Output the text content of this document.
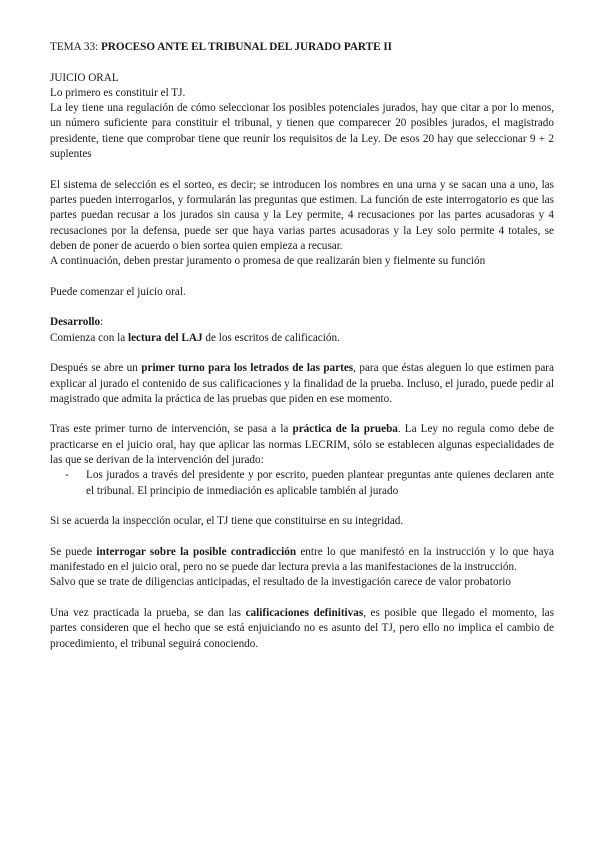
TEMA 33: PROCESO ANTE EL TRIBUNAL DEL JURADO PARTE II

JUICIO ORAL

Lo primero es constituir el TJ.

La ley tiene una regulación de cómo seleccionar los posibles potenciales jurados, hay que citar a por lo menos, un número suficiente para constituir el tribunal, y tienen que comparecer 20 posibles jurados, el magistrado presidente, tiene que comprobar tiene que reunir los requisitos de la Ley. De esos 20 hay que seleccionar 9 + 2 suplentes

El sistema de selección es el sorteo, es decir; se introducen los nombres en una urna y se sacan una a uno, las partes pueden interrogarlos, y formularán las preguntas que estimen. La función de este interrogatorio es que las partes puedan recusar a los jurados sin causa y la Ley permite, 4 recusaciones por las partes acusadoras y 4 recusaciones por la defensa, puede ser que haya varias partes acusadoras y la Ley solo permite 4 totales, se deben de poner de acuerdo o bien sortea quien empieza a recusar.

A continuación, deben prestar juramento o promesa de que realizarán bien y fielmente su función

Puede comenzar el juicio oral.

Desarrollo:

Comienza con la lectura del LAJ de los escritos de calificación.

Después se abre un primer turno para los letrados de las partes, para que éstas aleguen lo que estimen para explicar al jurado el contenido de sus calificaciones y la finalidad de la prueba. Incluso, el jurado, puede pedir al magistrado que admita la práctica de las pruebas que piden en ese momento.

Tras este primer turno de intervención, se pasa a la práctica de la prueba. La Ley no regula como debe de practicarse en el juicio oral, hay que aplicar las normas LECRIM, sólo se establecen algunas especialidades de las que se derivan de la intervención del jurado:

- Los jurados a través del presidente y por escrito, pueden plantear preguntas ante quienes declaren ante el tribunal. El principio de inmediación es aplicable también al jurado

Si se acuerda la inspección ocular, el TJ tiene que constituirse en su integridad.

Se puede interrogar sobre la posible contradicción entre lo que manifestó en la instrucción y lo que haya manifestado en el juicio oral, pero no se puede dar lectura previa a las manifestaciones de la instrucción.

Salvo que se trate de diligencias anticipadas, el resultado de la investigación carece de valor probatorio

Una vez practicada la prueba, se dan las calificaciones definitivas, es posible que llegado el momento, las partes consideren que el hecho que se está enjuiciando no es asunto del TJ, pero ello no implica el cambio de procedimiento, el tribunal seguirá conociendo.
